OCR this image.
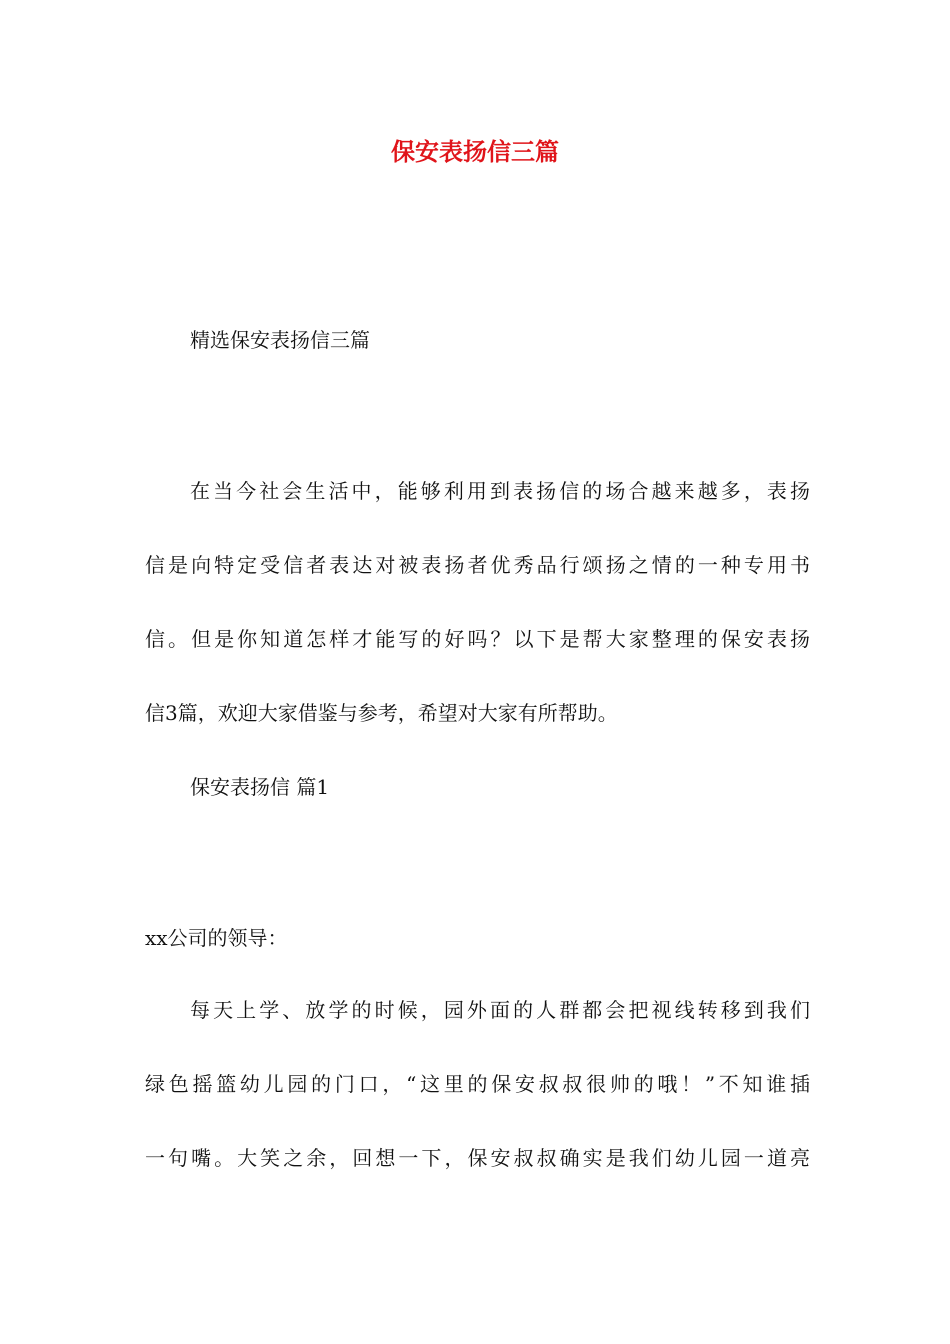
保安表扬信三篇
精选保安表扬信三篇
在当今社会生活中，能够利用到表扬信的场合越来越多，表扬
信是向特定受信者表达对被表扬者优秀品行颂扬之情的一种专用书
信。但是你知道怎样才能写的好吗？以下是帮大家整理的保安表扬
信3篇，欢迎大家借鉴与参考，希望对大家有所帮助。
保安表扬信 篇1
xx公司的领导：
每天上学、放学的时候，园外面的人群都会把视线转移到我们
绿色摇篮幼儿园的门口，“这里的保安叔叔很帅的哦！”不知谁插
一句嘴。大笑之余，回想一下，保安叔叔确实是我们幼儿园一道亮
